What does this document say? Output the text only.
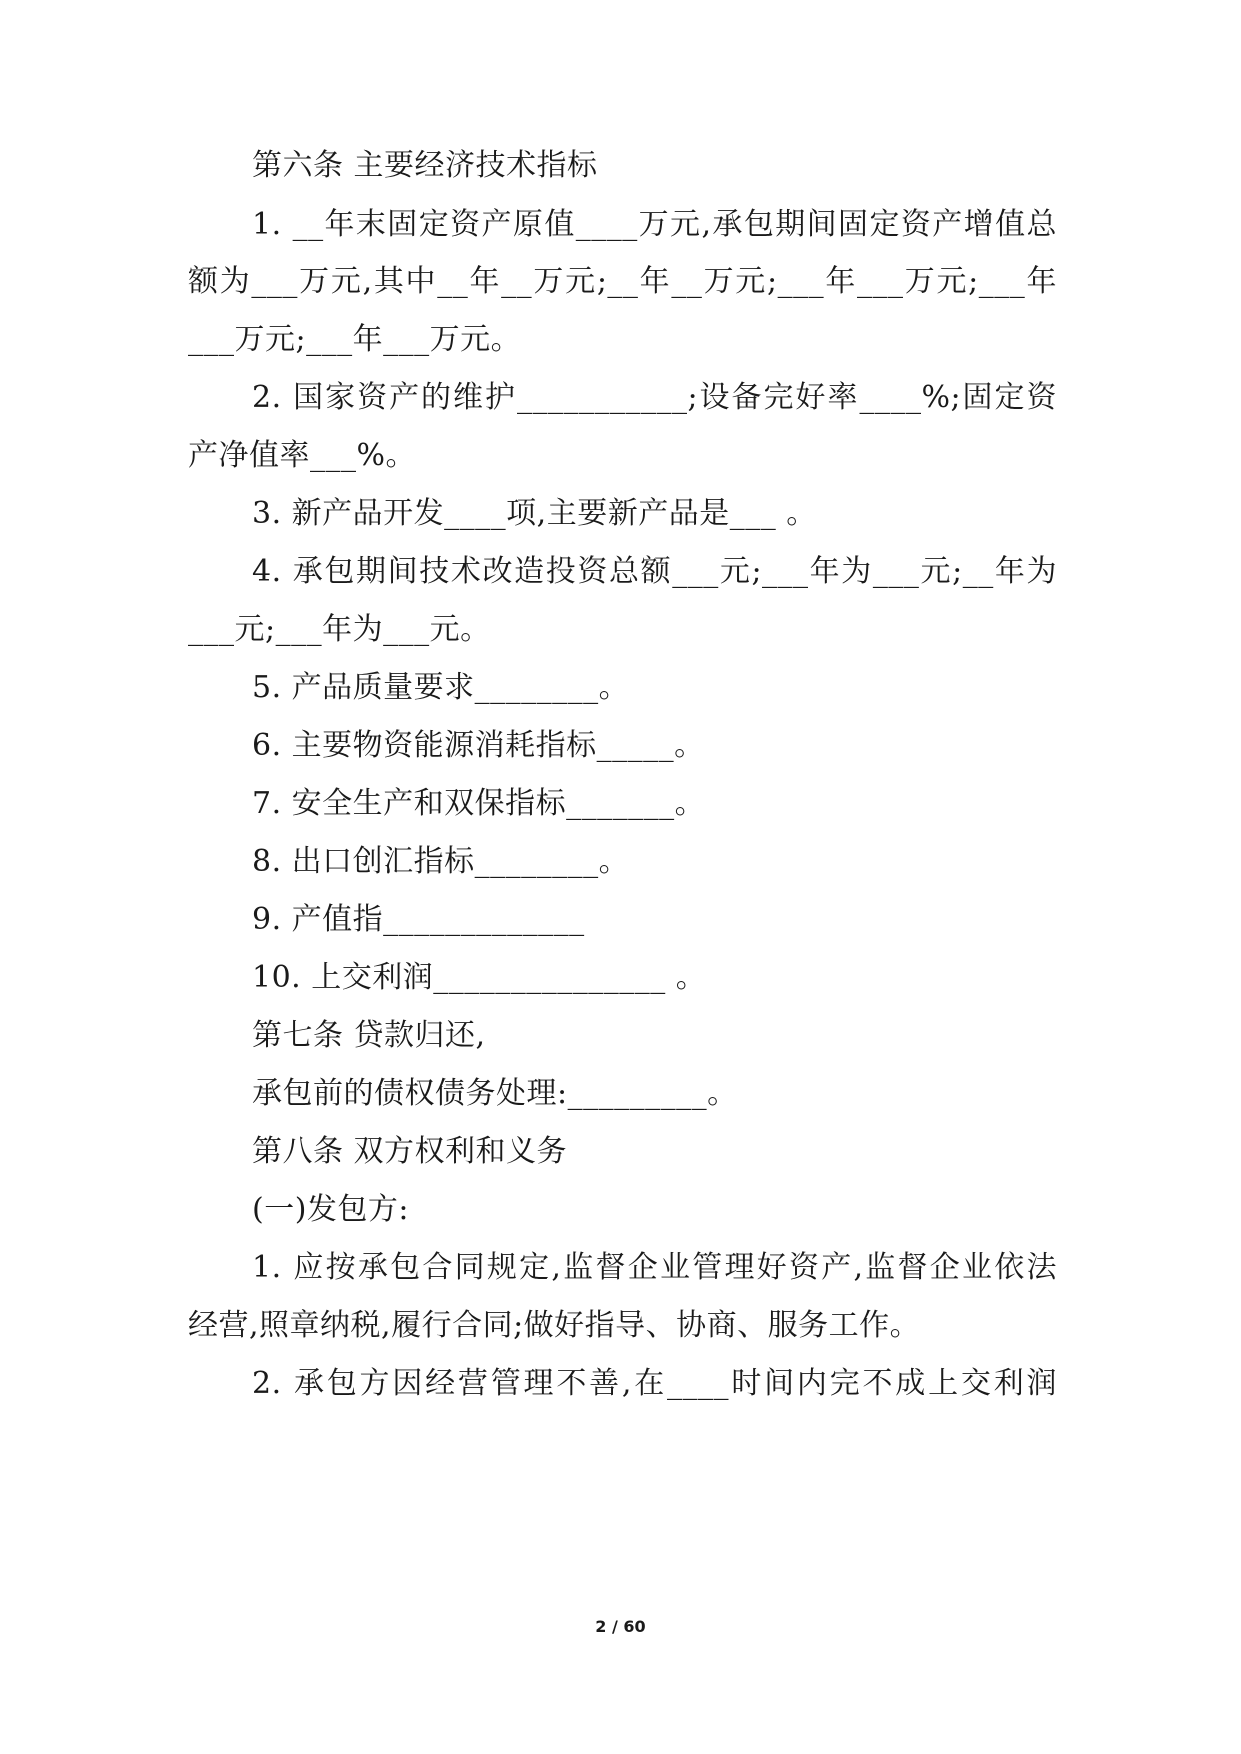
第六条 主要经济技术指标
1. __年末固定资产原值____万元,承包期间固定资产增值总
额为___万元,其中__年__万元;__年__万元;___年___万元;___年
___万元;___年___万元。
2. 国家资产的维护___________;设备完好率____%;固定资
产净值率___%。
3. 新产品开发____项,主要新产品是___ 。
4. 承包期间技术改造投资总额___元;___年为___元;__年为
___元;___年为___元。
5. 产品质量要求________。
6. 主要物资能源消耗指标_____。
7. 安全生产和双保指标_______。
8. 出口创汇指标________。
9. 产值指_____________
10. 上交利润_______________ 。
第七条 贷款归还,
承包前的债权债务处理:_________。
第八条 双方权利和义务
(一)发包方:
1. 应按承包合同规定,监督企业管理好资产,监督企业依法
经营,照章纳税,履行合同;做好指导、协商、服务工作。
2. 承包方因经营管理不善,在____时间内完不成上交利润
2 / 60
